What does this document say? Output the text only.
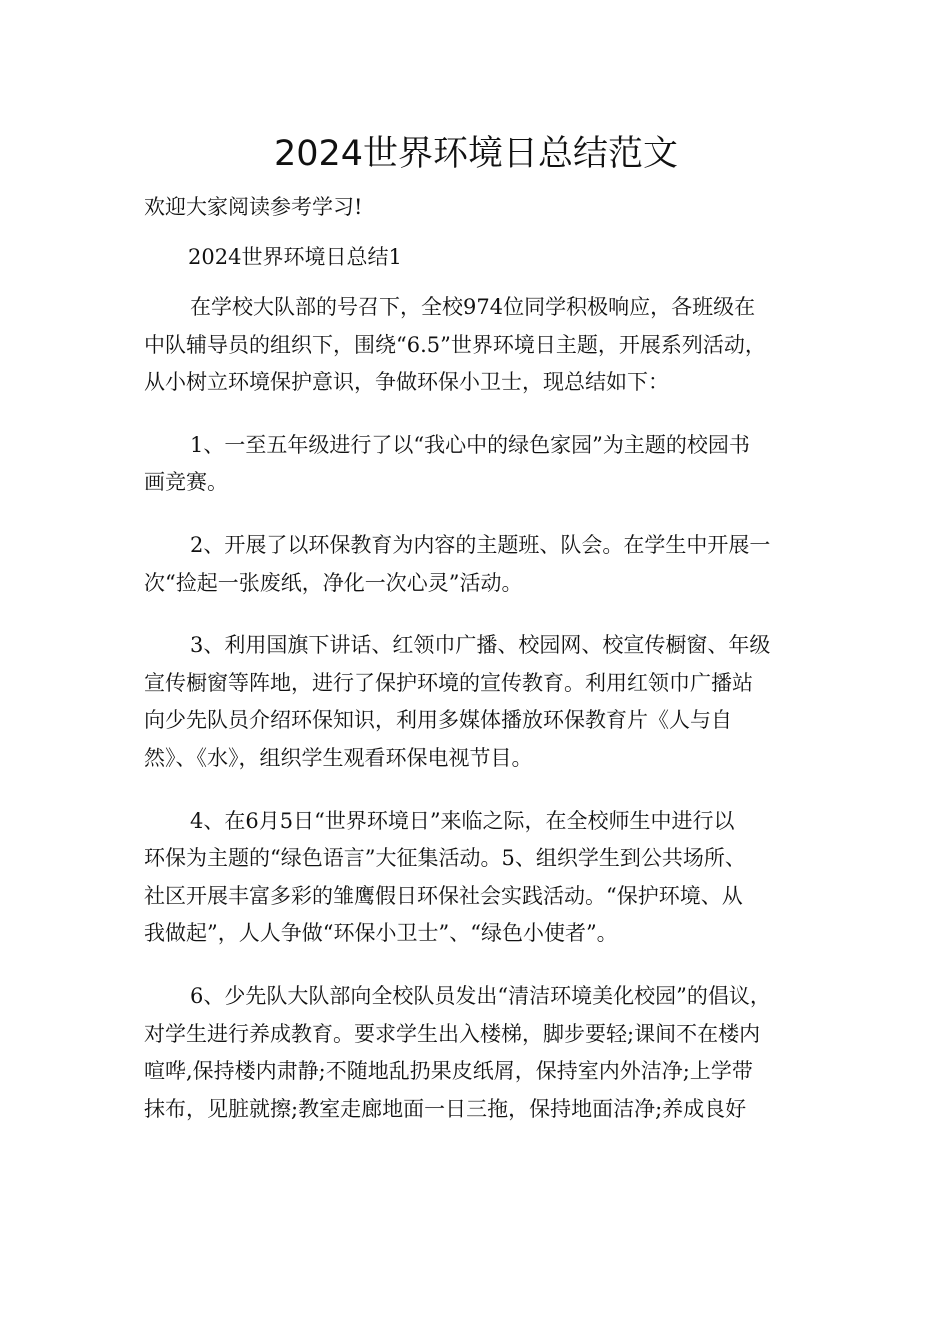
2024世界环境日总结范文
欢迎大家阅读参考学习!
2024世界环境日总结1

在学校大队部的号召下，全校974位同学积极响应，各班级在
中队辅导员的组织下，围绕“6.5”世界环境日主题，开展系列活动，
从小树立环境保护意识，争做环保小卫士，现总结如下：

1、一至五年级进行了以“我心中的绿色家园”为主题的校园书
画竞赛。

2、开展了以环保教育为内容的主题班、队会。在学生中开展一
次“捡起一张废纸，净化一次心灵”活动。

3、利用国旗下讲话、红领巾广播、校园网、校宣传橱窗、年级
宣传橱窗等阵地，进行了保护环境的宣传教育。利用红领巾广播站
向少先队员介绍环保知识，利用多媒体播放环保教育片《人与自
然》、《水》，组织学生观看环保电视节目。

4、在6月5日“世界环境日”来临之际，在全校师生中进行以
环保为主题的“绿色语言”大征集活动。5、组织学生到公共场所、
社区开展丰富多彩的雏鹰假日环保社会实践活动。“保护环境、从
我做起”，人人争做“环保小卫士”、“绿色小使者”。

6、少先队大队部向全校队员发出“清洁环境美化校园”的倡议，
对学生进行养成教育。要求学生出入楼梯，脚步要轻;课间不在楼内
喧哗,保持楼内肃静;不随地乱扔果皮纸屑，保持室内外洁净;上学带
抹布，见脏就擦;教室走廊地面一日三拖，保持地面洁净;养成良好
